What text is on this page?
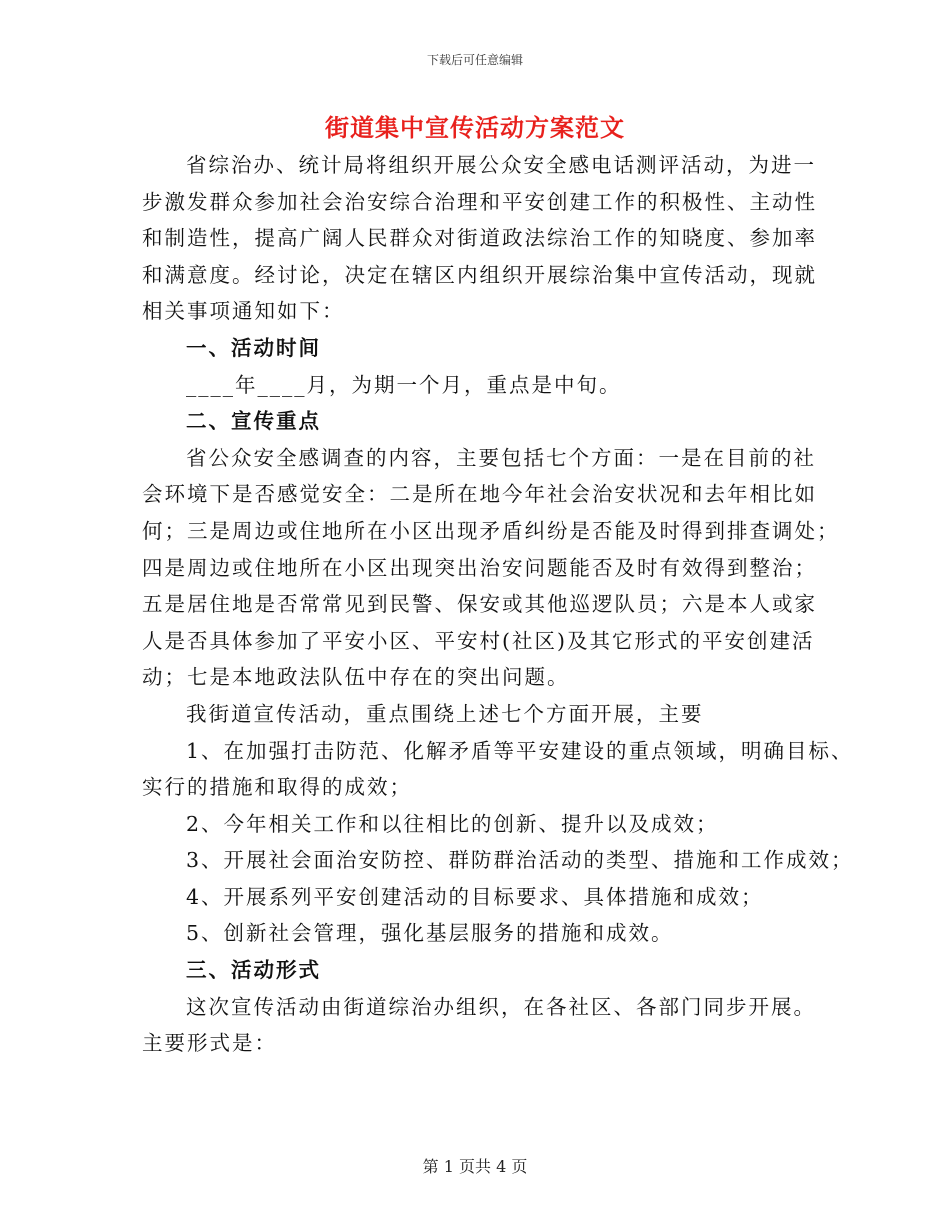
下载后可任意编辑
街道集中宣传活动方案范文
省综治办、统计局将组织开展公众安全感电话测评活动，为进一
步激发群众参加社会治安综合治理和平安创建工作的积极性、主动性
和制造性，提高广阔人民群众对街道政法综治工作的知晓度、参加率
和满意度。经讨论，决定在辖区内组织开展综治集中宣传活动，现就
相关事项通知如下：
一、活动时间
____年____月，为期一个月，重点是中旬。
二、宣传重点
省公众安全感调查的内容，主要包括七个方面：一是在目前的社
会环境下是否感觉安全：二是所在地今年社会治安状况和去年相比如
何；三是周边或住地所在小区出现矛盾纠纷是否能及时得到排查调处；
四是周边或住地所在小区出现突出治安问题能否及时有效得到整治；
五是居住地是否常常见到民警、保安或其他巡逻队员；六是本人或家
人是否具体参加了平安小区、平安村(社区)及其它形式的平安创建活
动；七是本地政法队伍中存在的突出问题。
我街道宣传活动，重点围绕上述七个方面开展，主要
1、在加强打击防范、化解矛盾等平安建设的重点领域，明确目标、
实行的措施和取得的成效；
2、今年相关工作和以往相比的创新、提升以及成效；
3、开展社会面治安防控、群防群治活动的类型、措施和工作成效；
4、开展系列平安创建活动的目标要求、具体措施和成效；
5、创新社会管理，强化基层服务的措施和成效。
三、活动形式
这次宣传活动由街道综治办组织，在各社区、各部门同步开展。
主要形式是：
第 1 页共 4 页
